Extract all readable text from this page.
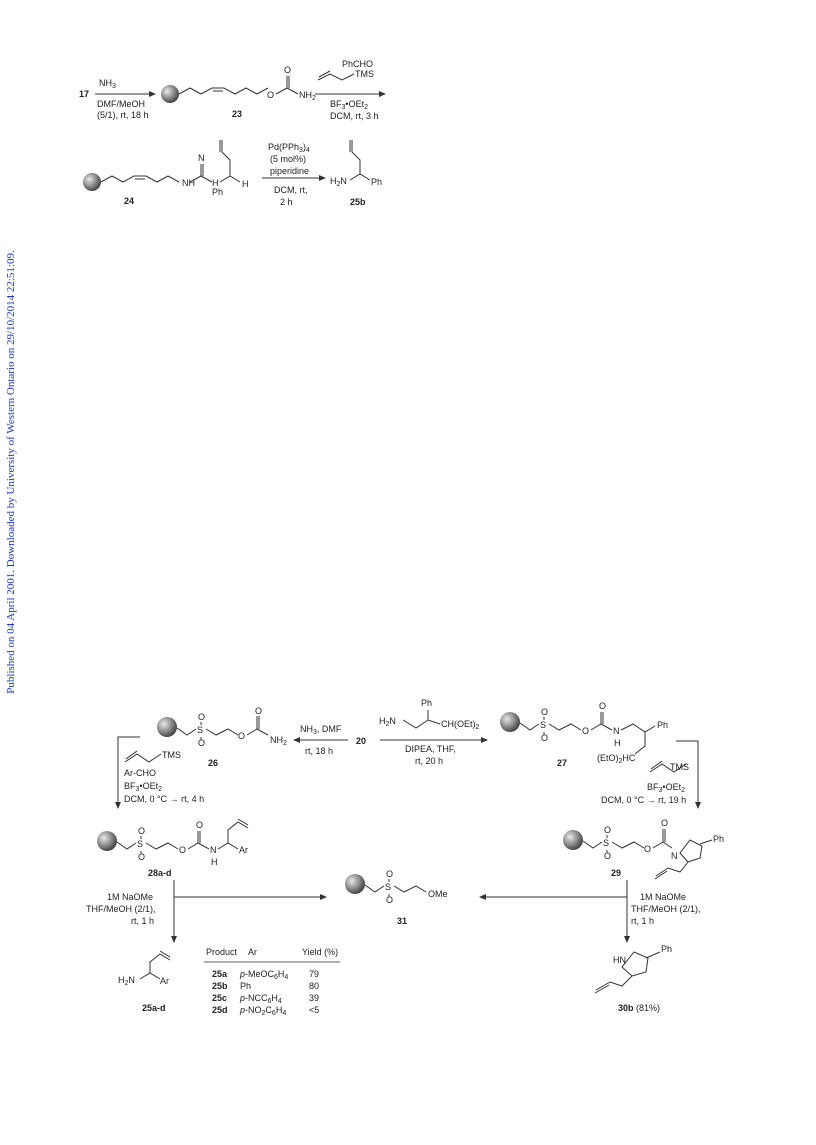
Published on 04 April 2001. Downloaded by University of Western Ontario on 29/10/2014 22:51:09.
17
$NH_3$
DMF/MeOH
(5/1), rt, 18 h
O
O
$NH_2$
23
PhCHO
TMS
$BF_3•OEt_2$
DCM, rt, 3 h
NH
N
H
Ph
H
24
$Pd(PPh_3)_4$
(5 mol%)
piperidine
DCM, rt,
2 h
$H_2N$	Ph
25b
S
O
O
O
O
$NH_2$
26
20
$NH_3$, DMF
rt, 18 h
$H_2N$
Ph
$CH(OEt)_2$
DIPEA, THF,
rt, 20 h
S
O
O
O
O
N
H
Ph
$(EtO)_2HC$
27
TMS
Ar-CHO
$BF_3•OEt_2$
DCM, 0 °C → rt, 4 h
TMS
$BF_3•OEt_2$
DCM, 0 °C → rt, 19 h
S
O
O
O
O
N
H
Ar
28a-d
S
O
O
O
O
N
Ph
29
S
O
O
OMe
31
1M NaOMe
THF/MeOH (2/1),
rt, 1 h
1M NaOMe
THF/MeOH (2/1),
rt, 1 h
$H_2N$	Ar
25a-d
Product Ar	Yield (%)
25a $p-MeOC_6H_4$ 79
25b Ph	80
25c $p-NCC_6H_4$	39
25d $p-NO_2C_6H_4$	<5
HN
Ph
30b (81%)
